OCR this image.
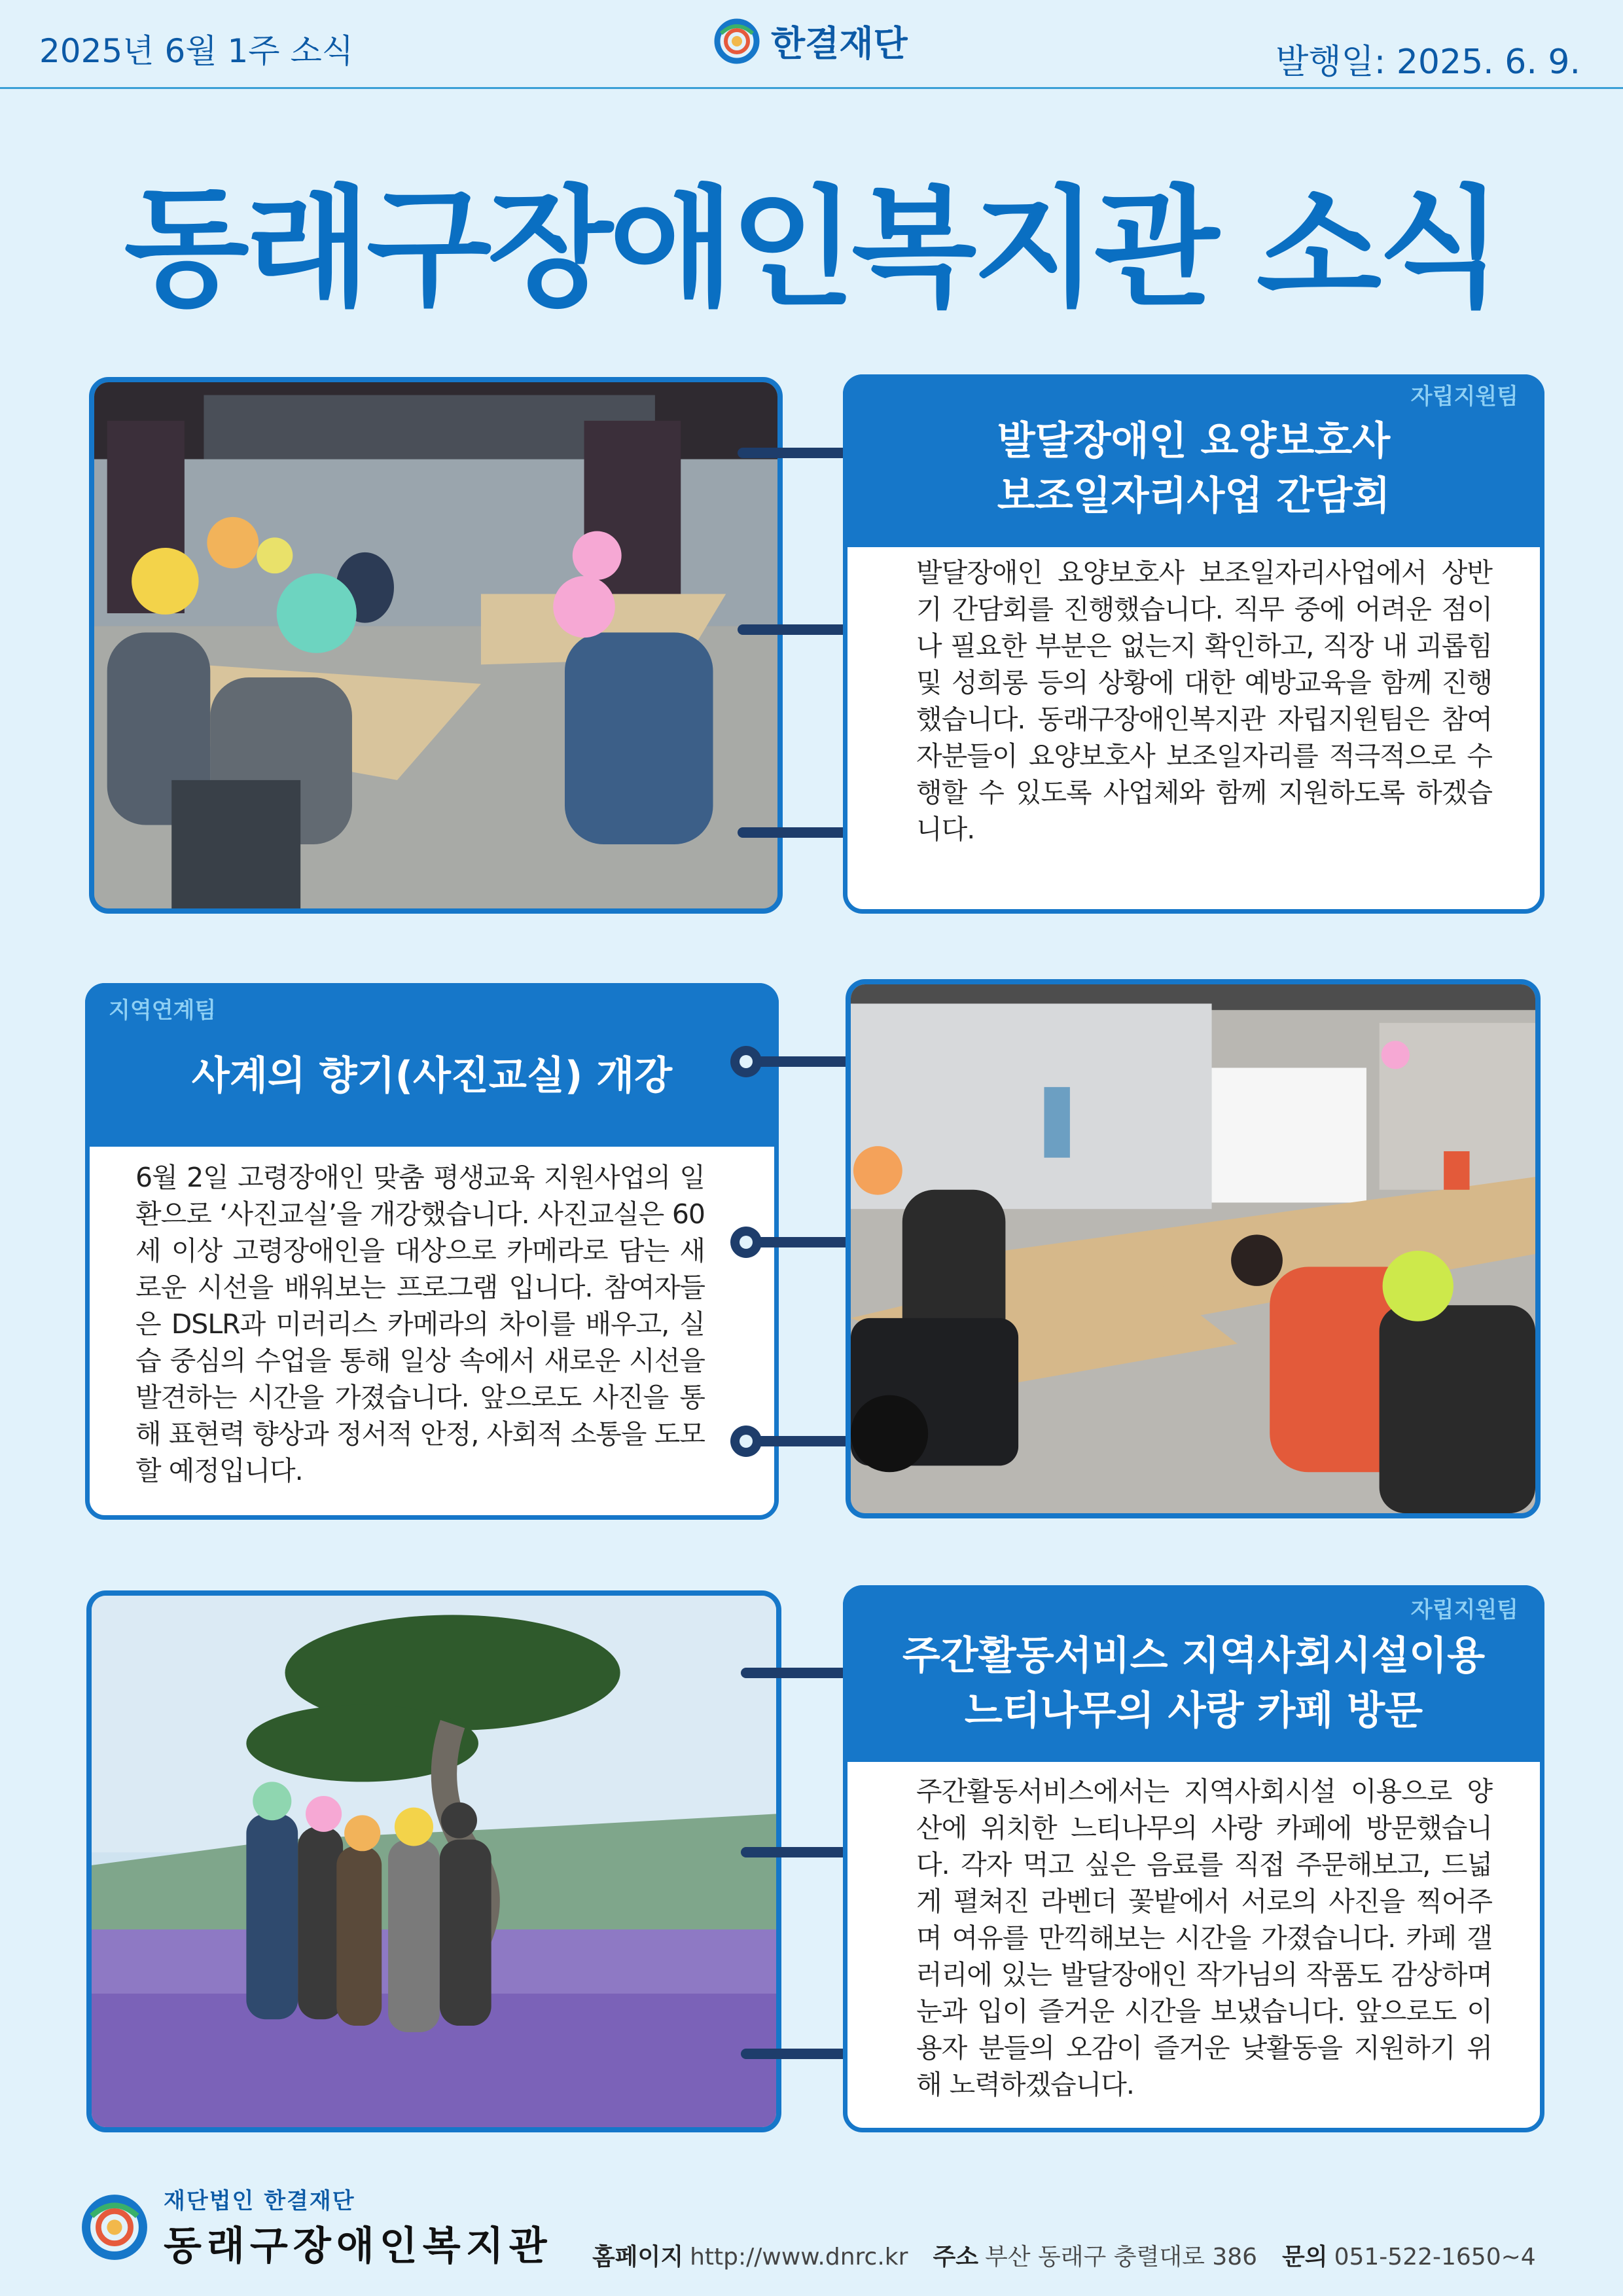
2025년 6월 1주 소식	한결재단	발행일: 2025. 6. 9.
동래구장애인복지관 소식
자립지원팀
발달장애인 요양보호사
보조일자리사업 간담회
발달장애인 요양보호사 보조일자리사업에서 상반기 간담회를 진행했습니다. 직무 중에 어려운 점이나 필요한 부분은 없는지 확인하고, 직장 내 괴롭힘 및 성희롱 등의 상황에 대한 예방교육을 함께 진행했습니다. 동래구장애인복지관 자립지원팀은 참여자분들이 요양보호사 보조일자리를 적극적으로 수행할 수 있도록 사업체와 함께 지원하도록 하겠습니다.
지역연계팀
사계의 향기(사진교실) 개강
6월 2일 고령장애인 맞춤 평생교육 지원사업의 일환으로 ‘사진교실’을 개강했습니다. 사진교실은 60세 이상 고령장애인을 대상으로 카메라로 담는 새로운 시선을 배워보는 프로그램 입니다. 참여자들은 DSLR과 미러리스 카메라의 차이를 배우고, 실습 중심의 수업을 통해 일상 속에서 새로운 시선을 발견하는 시간을 가졌습니다. 앞으로도 사진을 통해 표현력 향상과 정서적 안정, 사회적 소통을 도모할 예정입니다.
자립지원팀
주간활동서비스 지역사회시설이용
느티나무의 사랑 카페 방문
주간활동서비스에서는 지역사회시설 이용으로 양산에 위치한 느티나무의 사랑 카페에 방문했습니다. 각자 먹고 싶은 음료를 직접 주문해보고, 드넓게 펼쳐진 라벤더 꽃밭에서 서로의 사진을 찍어주며 여유를 만끽해보는 시간을 가졌습니다. 카페 갤러리에 있는 발달장애인 작가님의 작품도 감상하며 눈과 입이 즐거운 시간을 보냈습니다. 앞으로도 이용자 분들의 오감이 즐거운 낮활동을 지원하기 위해 노력하겠습니다.
재단법인 한결재단
동래구장애인복지관 홈페이지 http://www.dnrc.kr 주소 부산 동래구 충렬대로 386 문의 051-522-1650~4
